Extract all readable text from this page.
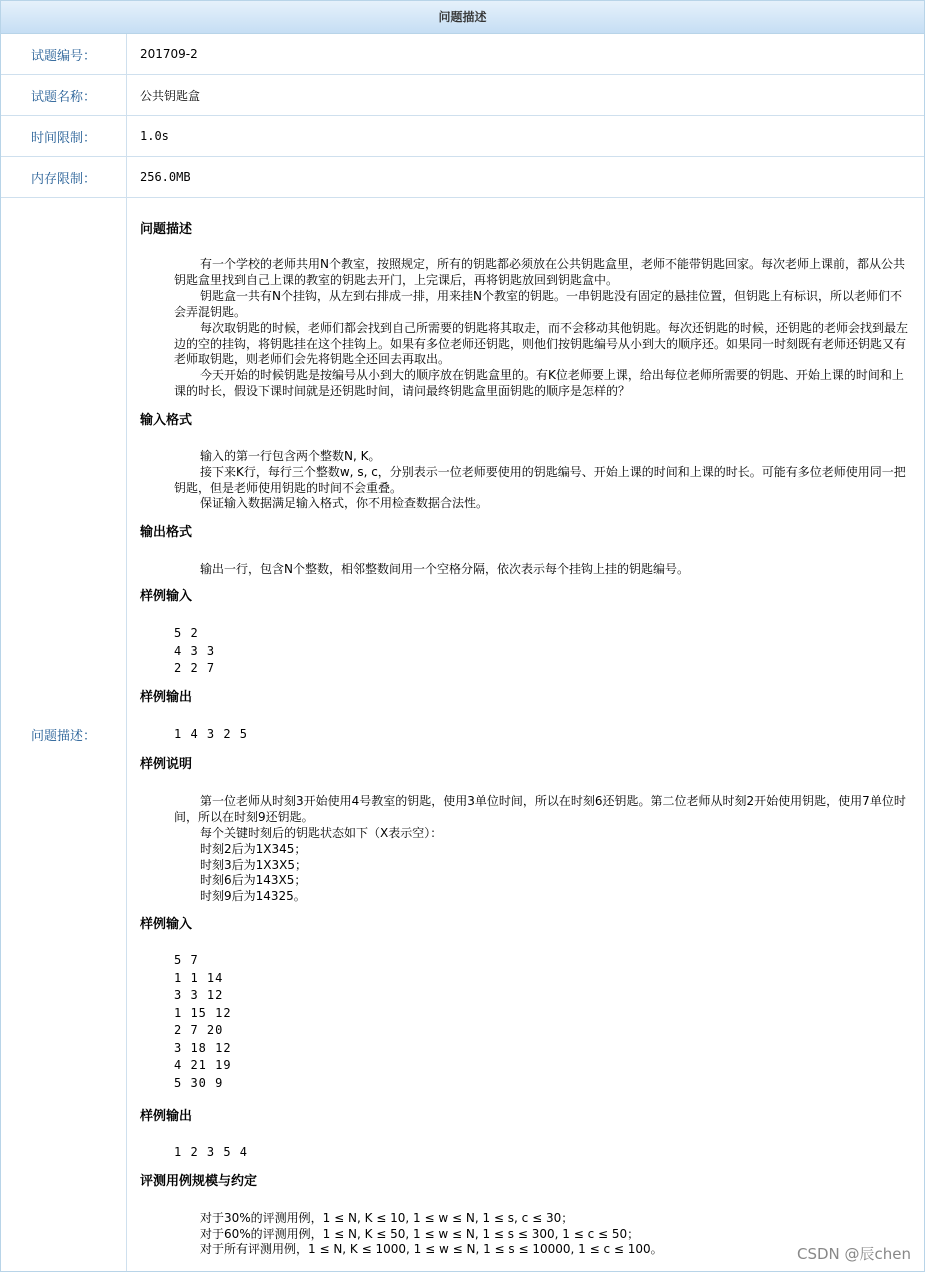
问题描述
试题编号：	201709-2
试题名称：	公共钥匙盒
时间限制：	1.0s
内存限制：	256.0MB
问题描述：
问题描述
有一个学校的老师共用N个教室，按照规定，所有的钥匙都必须放在公共钥匙盒里，老师不能带钥匙回家。每次老师上课前，都从公共钥匙盒里找到自己上课的教室的钥匙去开门，上完课后，再将钥匙放回到钥匙盒中。
钥匙盒一共有N个挂钩，从左到右排成一排，用来挂N个教室的钥匙。一串钥匙没有固定的悬挂位置，但钥匙上有标识，所以老师们不会弄混钥匙。
每次取钥匙的时候，老师们都会找到自己所需要的钥匙将其取走，而不会移动其他钥匙。每次还钥匙的时候，还钥匙的老师会找到最左边的空的挂钩，将钥匙挂在这个挂钩上。如果有多位老师还钥匙，则他们按钥匙编号从小到大的顺序还。如果同一时刻既有老师还钥匙又有老师取钥匙，则老师们会先将钥匙全还回去再取出。
今天开始的时候钥匙是按编号从小到大的顺序放在钥匙盒里的。有K位老师要上课，给出每位老师所需要的钥匙、开始上课的时间和上课的时长，假设下课时间就是还钥匙时间，请问最终钥匙盒里面钥匙的顺序是怎样的？
输入格式
输入的第一行包含两个整数N, K。
接下来K行，每行三个整数w, s, c，分别表示一位老师要使用的钥匙编号、开始上课的时间和上课的时长。可能有多位老师使用同一把钥匙，但是老师使用钥匙的时间不会重叠。
保证输入数据满足输入格式，你不用检查数据合法性。
输出格式
输出一行，包含N个整数，相邻整数间用一个空格分隔，依次表示每个挂钩上挂的钥匙编号。
样例输入
5 2
4 3 3
2 2 7
样例输出
1 4 3 2 5
样例说明
第一位老师从时刻3开始使用4号教室的钥匙，使用3单位时间，所以在时刻6还钥匙。第二位老师从时刻2开始使用钥匙，使用7单位时间，所以在时刻9还钥匙。
每个关键时刻后的钥匙状态如下（X表示空）：
时刻2后为1X345；
时刻3后为1X3X5；
时刻6后为143X5；
时刻9后为14325。
样例输入
5 7
1 1 14
3 3 12
1 15 12
2 7 20
3 18 12
4 21 19
5 30 9
样例输出
1 2 3 5 4
评测用例规模与约定
对于30%的评测用例，1 ≤ N, K ≤ 10, 1 ≤ w ≤ N, 1 ≤ s, c ≤ 30；
对于60%的评测用例，1 ≤ N, K ≤ 50, 1 ≤ w ≤ N, 1 ≤ s ≤ 300, 1 ≤ c ≤ 50；
对于所有评测用例，1 ≤ N, K ≤ 1000, 1 ≤ w ≤ N, 1 ≤ s ≤ 10000, 1 ≤ c ≤ 100。	CSDN @辰chen
